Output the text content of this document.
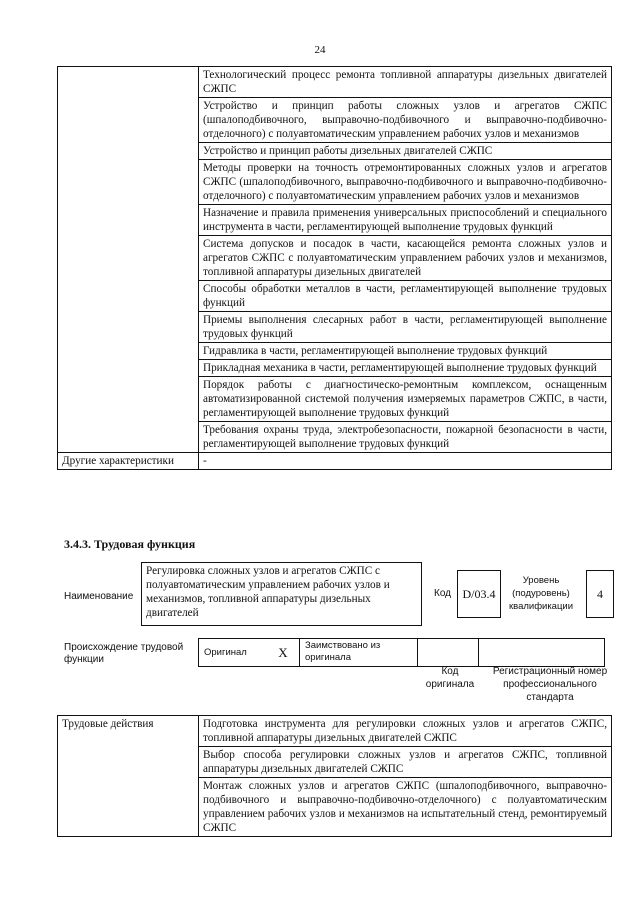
24
	Технологический процесс ремонта топливной аппаратуры дизельных двигателей СЖПС
	Устройство и принцип работы сложных узлов и агрегатов СЖПС (шпалоподбивочного, выправочно-подбивочного и выправочно-подбивочно-отделочного) с полуавтоматическим управлением рабочих узлов и механизмов
	Устройство и принцип работы дизельных двигателей СЖПС
	Методы проверки на точность отремонтированных сложных узлов и агрегатов СЖПС (шпалоподбивочного, выправочно-подбивочного и выправочно-подбивочно-отделочного) с полуавтоматическим управлением рабочих узлов и механизмов
	Назначение и правила применения универсальных приспособлений и специального инструмента в части, регламентирующей выполнение трудовых функций
	Система допусков и посадок в части, касающейся ремонта сложных узлов и агрегатов СЖПС с полуавтоматическим управлением рабочих узлов и механизмов, топливной аппаратуры дизельных двигателей
	Способы обработки металлов в части, регламентирующей выполнение трудовых функций
	Приемы выполнения слесарных работ в части, регламентирующей выполнение трудовых функций
	Гидравлика в части, регламентирующей выполнение трудовых функций
	Прикладная механика в части, регламентирующей выполнение трудовых функций
	Порядок работы с диагностическо-ремонтным комплексом, оснащенным автоматизированной системой получения измеряемых параметров СЖПС, в части, регламентирующей выполнение трудовых функций
	Требования охраны труда, электробезопасности, пожарной безопасности в части, регламентирующей выполнение трудовых функций
Другие характеристики	-
3.4.3. Трудовая функция
Наименование
Регулировка сложных узлов и агрегатов СЖПС с полуавтоматическим управлением рабочих узлов и механизмов, топливной аппаратуры дизельных двигателей
Код D/03.4
Уровень (подуровень) квалификации
4
Происхождение трудовой функции
Оригинал	X	Заимствовано из оригинала		
Код оригинала
Регистрационный номер профессионального стандарта
Трудовые действия	Подготовка инструмента для регулировки сложных узлов и агрегатов СЖПС, топливной аппаратуры дизельных двигателей СЖПС
Выбор способа регулировки сложных узлов и агрегатов СЖПС, топливной аппаратуры дизельных двигателей СЖПС
Монтаж сложных узлов и агрегатов СЖПС (шпалоподбивочного, выправочно-подбивочного и выправочно-подбивочно-отделочного) с полуавтоматическим управлением рабочих узлов и механизмов на испытательный стенд, ремонтируемый СЖПС
